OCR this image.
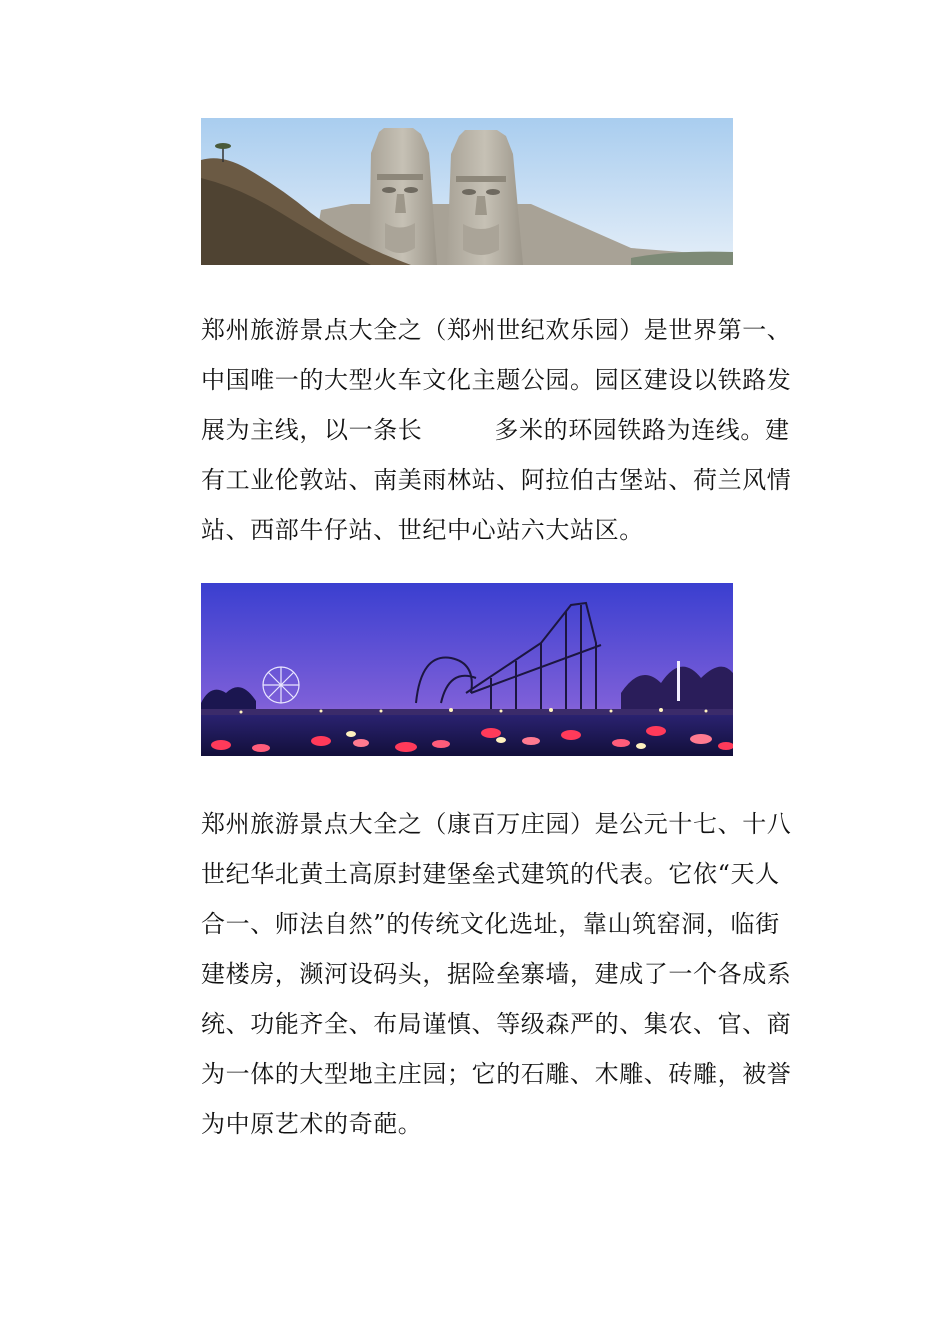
郑州旅游景点大全之（郑州世纪欢乐园）是世界第一、
中国唯一的大型火车文化主题公园。园区建设以铁路发
展为主线，以一条长	多米的环园铁路为连线。建
有工业伦敦站、南美雨林站、阿拉伯古堡站、荷兰风情
站、西部牛仔站、世纪中心站六大站区。
郑州旅游景点大全之（康百万庄园）是公元十七、十八
世纪华北黄土高原封建堡垒式建筑的代表。它依“天人
合一、师法自然”的传统文化选址，靠山筑窑洞，临街
建楼房，濒河设码头，据险垒寨墙，建成了一个各成系
统、功能齐全、布局谨慎、等级森严的、集农、官、商
为一体的大型地主庄园；它的石雕、木雕、砖雕，被誉
为中原艺术的奇葩。
